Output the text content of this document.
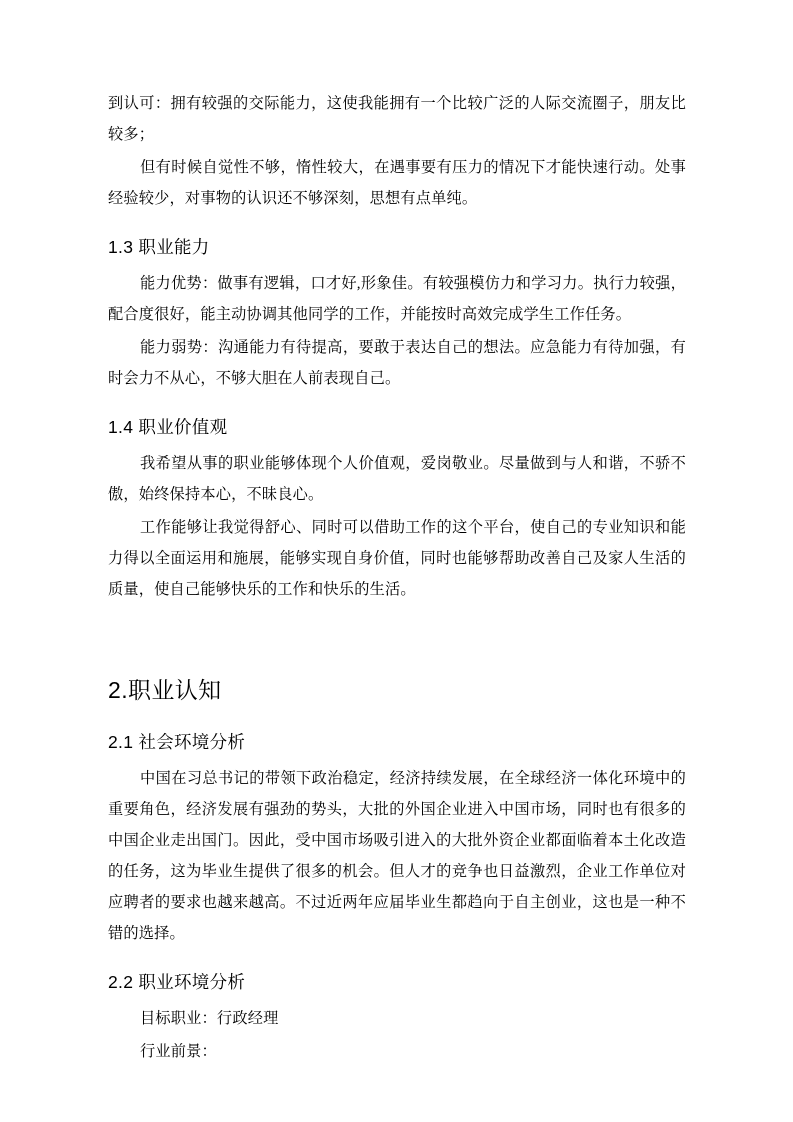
到认可：拥有较强的交际能力，这使我能拥有一个比较广泛的人际交流圈子，朋友比较多；

但有时候自觉性不够，惰性较大，在遇事要有压力的情况下才能快速行动。处事经验较少，对事物的认识还不够深刻，思想有点单纯。

1.3 职业能力

能力优势：做事有逻辑，口才好,形象佳。有较强模仿力和学习力。执行力较强，配合度很好，能主动协调其他同学的工作，并能按时高效完成学生工作任务。

能力弱势：沟通能力有待提高，要敢于表达自己的想法。应急能力有待加强，有时会力不从心，不够大胆在人前表现自己。

1.4 职业价值观

我希望从事的职业能够体现个人价值观，爱岗敬业。尽量做到与人和谐，不骄不傲，始终保持本心，不昧良心。

工作能够让我觉得舒心、同时可以借助工作的这个平台，使自己的专业知识和能力得以全面运用和施展，能够实现自身价值，同时也能够帮助改善自己及家人生活的质量，使自己能够快乐的工作和快乐的生活。

2.职业认知
2.1 社会环境分析

中国在习总书记的带领下政治稳定，经济持续发展，在全球经济一体化环境中的重要角色，经济发展有强劲的势头，大批的外国企业进入中国市场，同时也有很多的中国企业走出国门。因此，受中国市场吸引进入的大批外资企业都面临着本土化改造的任务，这为毕业生提供了很多的机会。但人才的竞争也日益激烈，企业工作单位对应聘者的要求也越来越高。不过近两年应届毕业生都趋向于自主创业，这也是一种不错的选择。

2.2 职业环境分析

目标职业：行政经理

行业前景：
